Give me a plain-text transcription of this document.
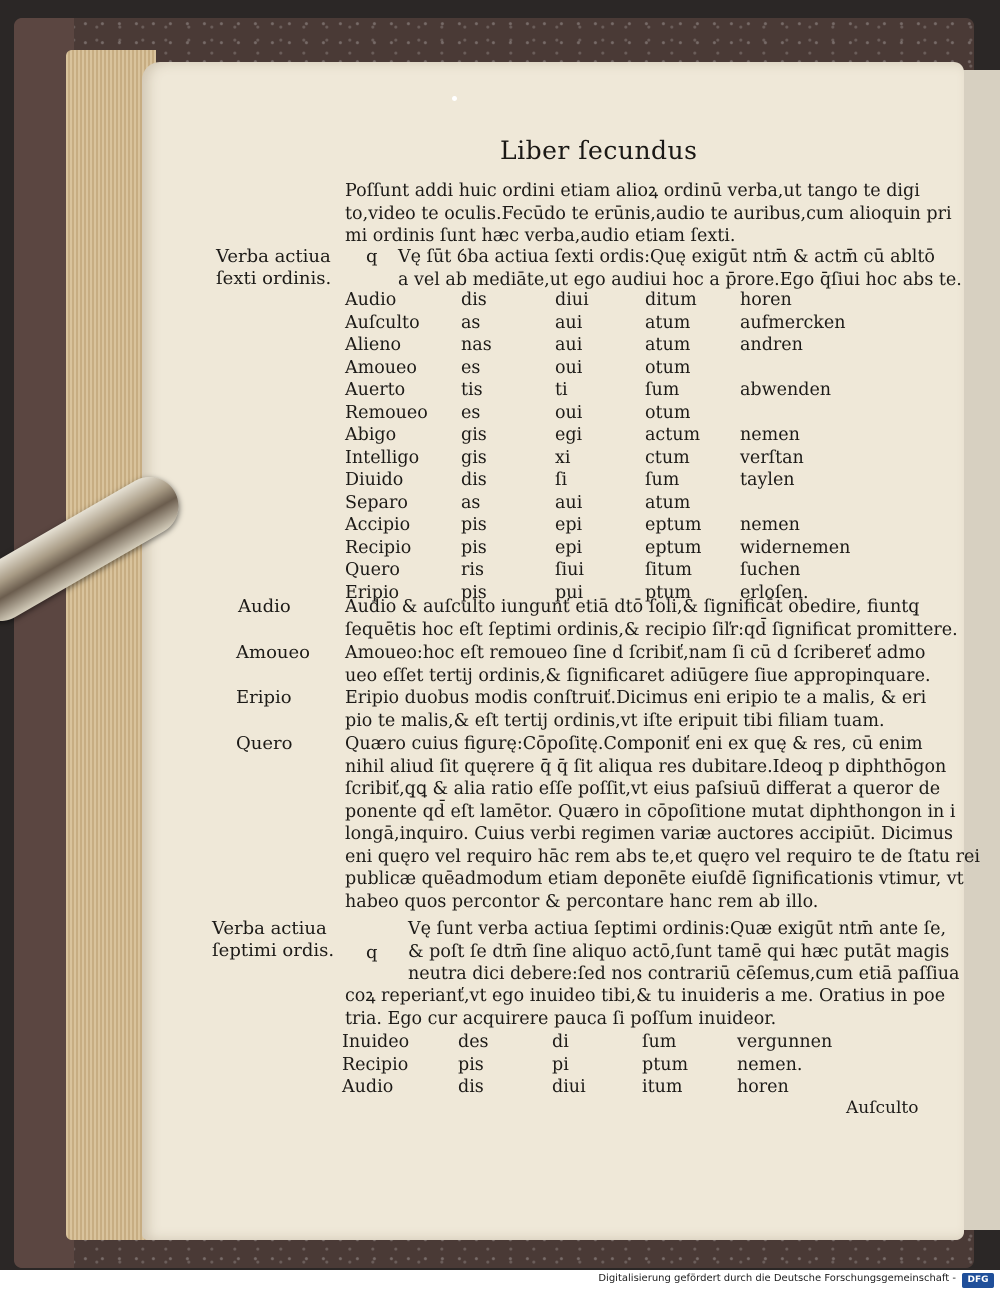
Liber ſecundus
Poſſunt addi huic ordini etiam alioꝝ ordinū verba,ut tango te digi
to,video te oculis.Fecūdo te erūnis,audio te auribus,cum alioquin pri
mi ordinis ſunt hæc verba,audio etiam ſexti.
Verba actiua
ſexti ordinis.
q Vę ſūt ỽba actiua ſexti ordis:Quę exigūt ntm̄ & actm̄ cū abltō
a vel ab mediāte,ut ego audiui hoc a p̄rore.Ego q̄ſiui hoc abs te.
Audio	dis	diui	ditum	horen
Auſculto	as	aui	atum	aufmercken
Alieno	nas	aui	atum	andren
Amoueo	es	oui	otum	
Auerto	tis	ti	ſum	abwenden
Remoueo	es	oui	otum	
Abigo	gis	egi	actum	nemen
Intelligo	gis	xi	ctum	verſtan
Diuido	dis	ſi	ſum	taylen
Separo	as	aui	atum	
Accipio	pis	epi	eptum	nemen
Recipio	pis	epi	eptum	widernemen
Quero	ris	ſiui	ſitum	ſuchen
Eripio	pis	pui	ptum	erloſen.
Audio	Audio & auſculto iungunť etiā dtō ſoli,& ſignificāt obedire, fiuntq̧
ſequētis hoc eſt ſeptimi ordinis,& recipio ſiľr:qd̄ ſignificat promittere.
Amoueo Amoueo:hoc eſt remoueo ſine d ſcribiť,nam ſi cū d ſcribereť admo
ueo eſſet tertij ordinis,& ſignificaret adiūgere ſiue appropinquare.
Eripio	Eripio duobus modis conſtruiť.Dicimus eni eripio te a malis, & eri
pio te malis,& eſt tertij ordinis,vt iſte eripuit tibi filiam tuam.
Quero	Quæro cuius figurę:Cōpoſitę.Componiť eni ex quę & res, cū enim
nihil aliud ſit quęrere q̄ q̄ ſit aliqua res dubitare.Ideoq̧ p diphthōgon
ſcribiť,q̧ꝗ & alia ratio eſſe poſſit,vt eius paſsiuū differat a queror de
ponente qd̄ eſt lamētor. Quæro in cōpoſitione mutat diphthongon in i
longā,inquiro. Cuius verbi regimen variæ auctores accipiūt. Dicimus
eni quęro vel requiro hāc rem abs te,et quęro vel requiro te de ſtatu rei
publicæ quēadmodum etiam deponēte eiuſdē ſignificationis vtimur, vt
habeo quos percontor & percontare hanc rem ab illo.
Verba actiua
ſeptimi ordis. q
Vę ſunt verba actiua ſeptimi ordinis:Quæ exigūt ntm̄ ante ſe,
& poſt ſe dtm̄ ſine aliquo actō,ſunt tamē qui hæc putāt magis
neutra dici debere:ſed nos contrariū cēſemus,cum etiā paſſiua
coꝝ reperianť,vt ego inuideo tibi,& tu inuideris a me. Oratius in poe
tria. Ego cur acquirere pauca ſi poſſum inuideor.
Inuideo	des	di	ſum	vergunnen
Recipio	pis	pi	ptum	nemen.
Audio	dis	diui	itum	horen
Auſculto
Digitalisierung gefördert durch die Deutsche Forschungsgemeinschaft -	DFG
